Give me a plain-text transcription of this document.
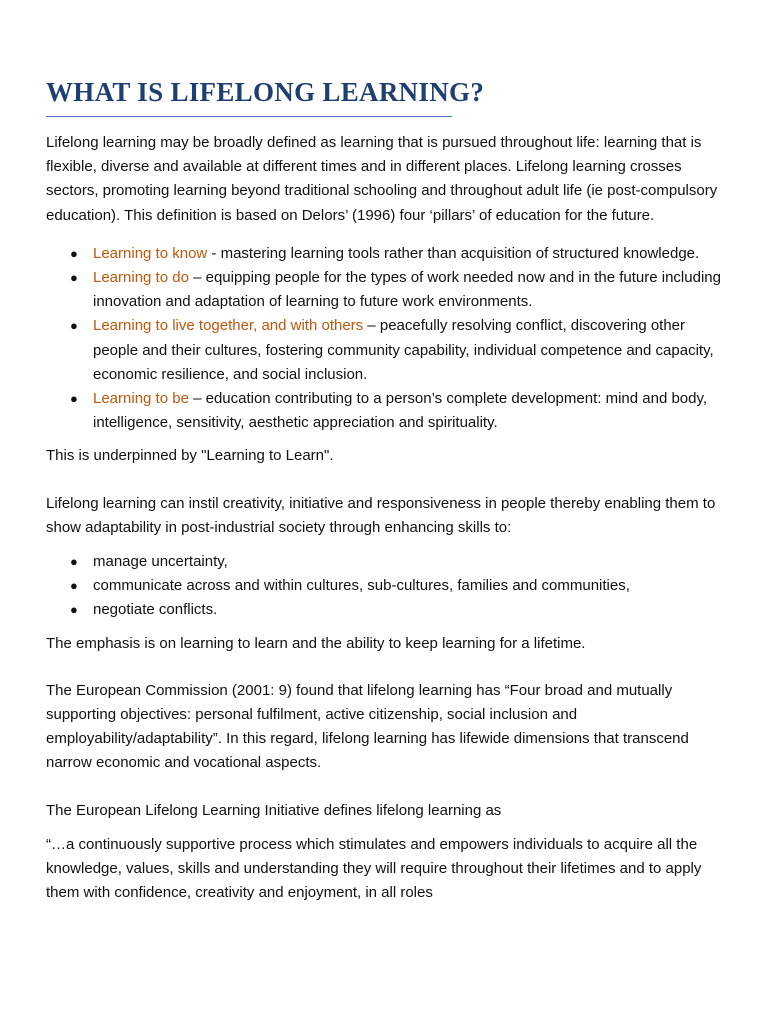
WHAT IS LIFELONG LEARNING?

Lifelong learning may be broadly defined as learning that is pursued throughout life: learning that is flexible, diverse and available at different times and in different places. Lifelong learning crosses sectors, promoting learning beyond traditional schooling and throughout adult life (ie post-compulsory education). This definition is based on Delors’ (1996) four ‘pillars’ of education for the future.

● Learning to know - mastering learning tools rather than acquisition of structured knowledge.
● Learning to do – equipping people for the types of work needed now and in the future including innovation and adaptation of learning to future work environments.
● Learning to live together, and with others – peacefully resolving conflict, discovering other people and their cultures, fostering community capability, individual competence and capacity, economic resilience, and social inclusion.
● Learning to be – education contributing to a person’s complete development: mind and body, intelligence, sensitivity, aesthetic appreciation and spirituality.

This is underpinned by "Learning to Learn".

Lifelong learning can instil creativity, initiative and responsiveness in people thereby enabling them to show adaptability in post-industrial society through enhancing skills to:

● manage uncertainty,
● communicate across and within cultures, sub-cultures, families and communities,
● negotiate conflicts.

The emphasis is on learning to learn and the ability to keep learning for a lifetime.

The European Commission (2001: 9) found that lifelong learning has “Four broad and mutually supporting objectives: personal fulfilment, active citizenship, social inclusion and employability/adaptability”. In this regard, lifelong learning has lifewide dimensions that transcend narrow economic and vocational aspects.

The European Lifelong Learning Initiative defines lifelong learning as

“…a continuously supportive process which stimulates and empowers individuals to acquire all the knowledge, values, skills and understanding they will require throughout their lifetimes and to apply them with confidence, creativity and enjoyment, in all roles
